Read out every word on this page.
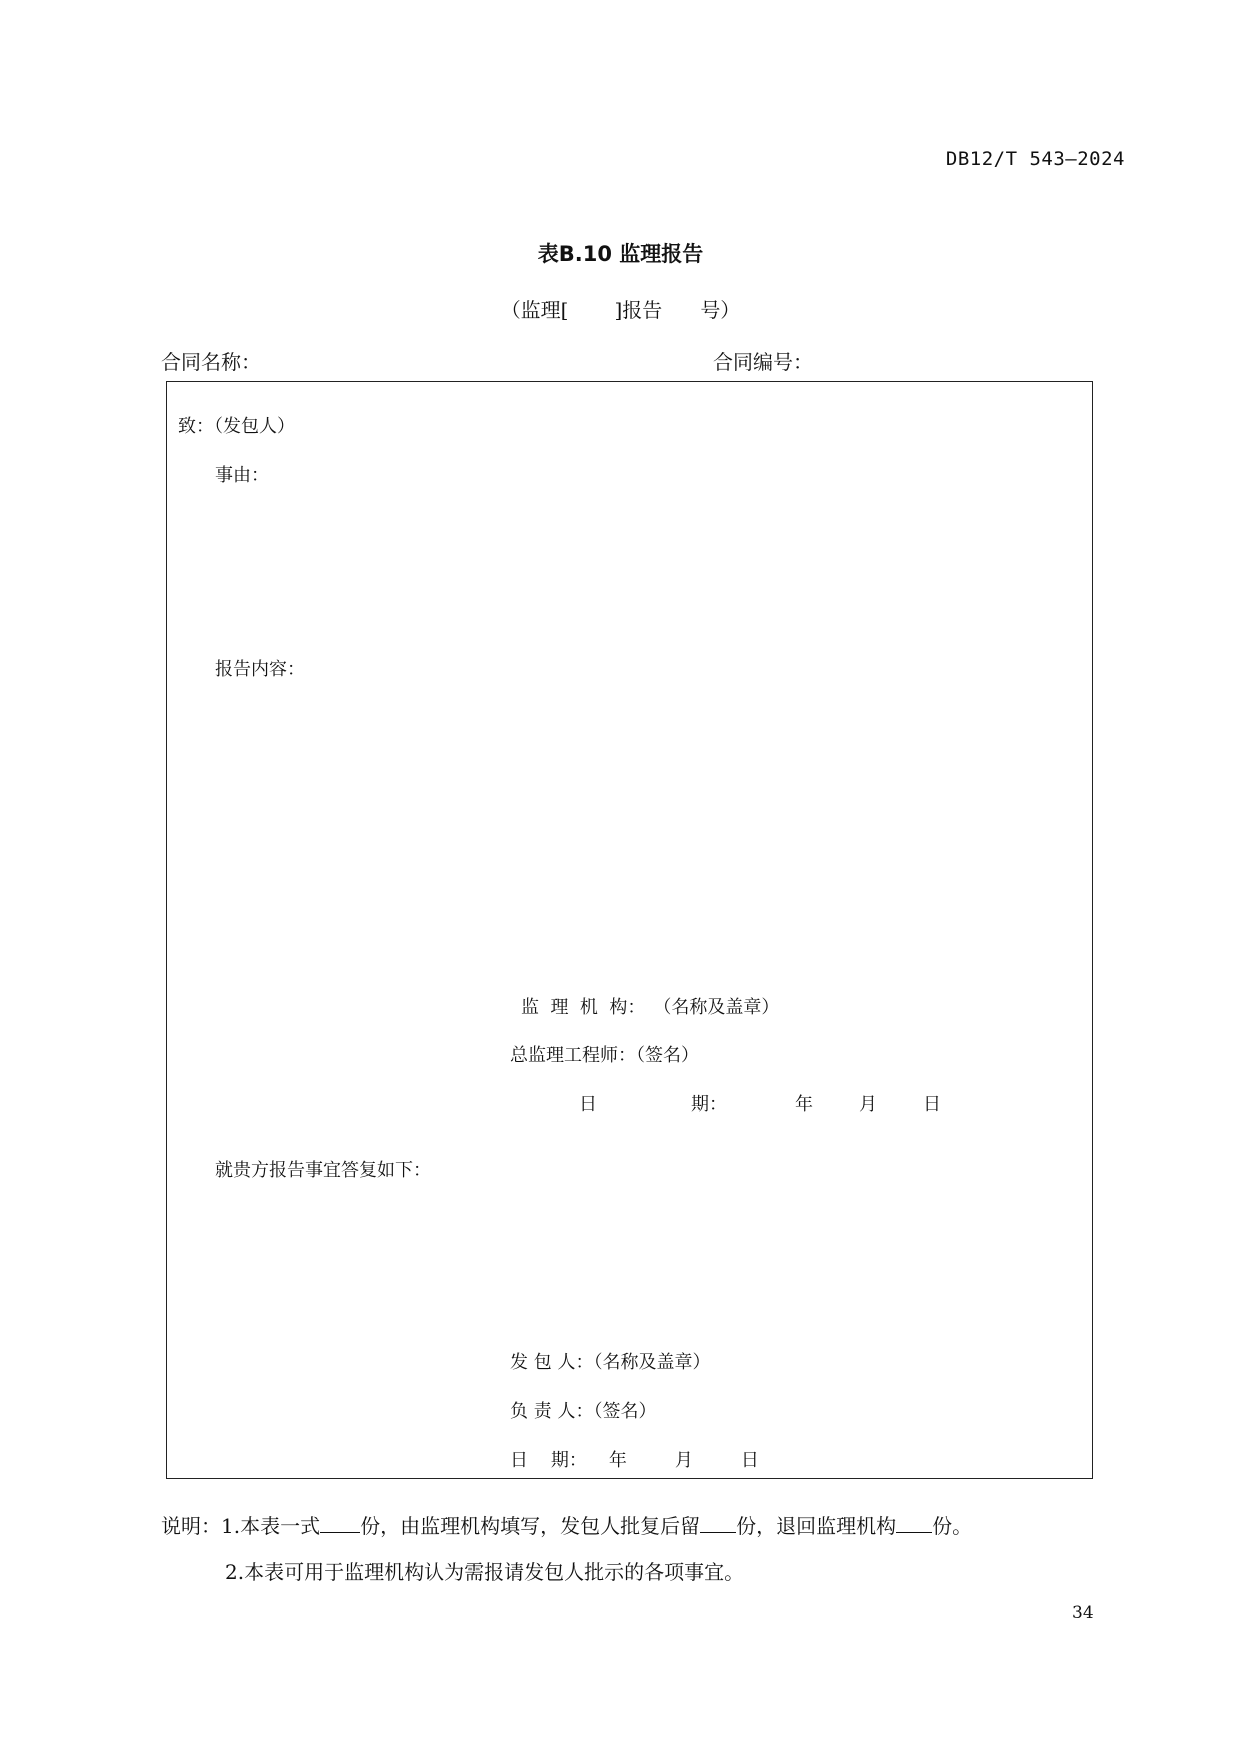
DB12/T 543—2024
表B.10 监理报告
（监理[ ]报告 号）
合同名称：	合同编号：
致：（发包人）
事由：
报告内容：
监  理  机  构： （名称及盖章）
总监理工程师：（签名）
日	期：	年	月	日
就贵方报告事宜答复如下：
发 包 人：（名称及盖章）
负 责 人：（签名）
日    期： 年	月	日
说明：1.本表一式 份，由监理机构填写，发包人批复后留 份，退回监理机构 份。
2.本表可用于监理机构认为需报请发包人批示的各项事宜。
34
